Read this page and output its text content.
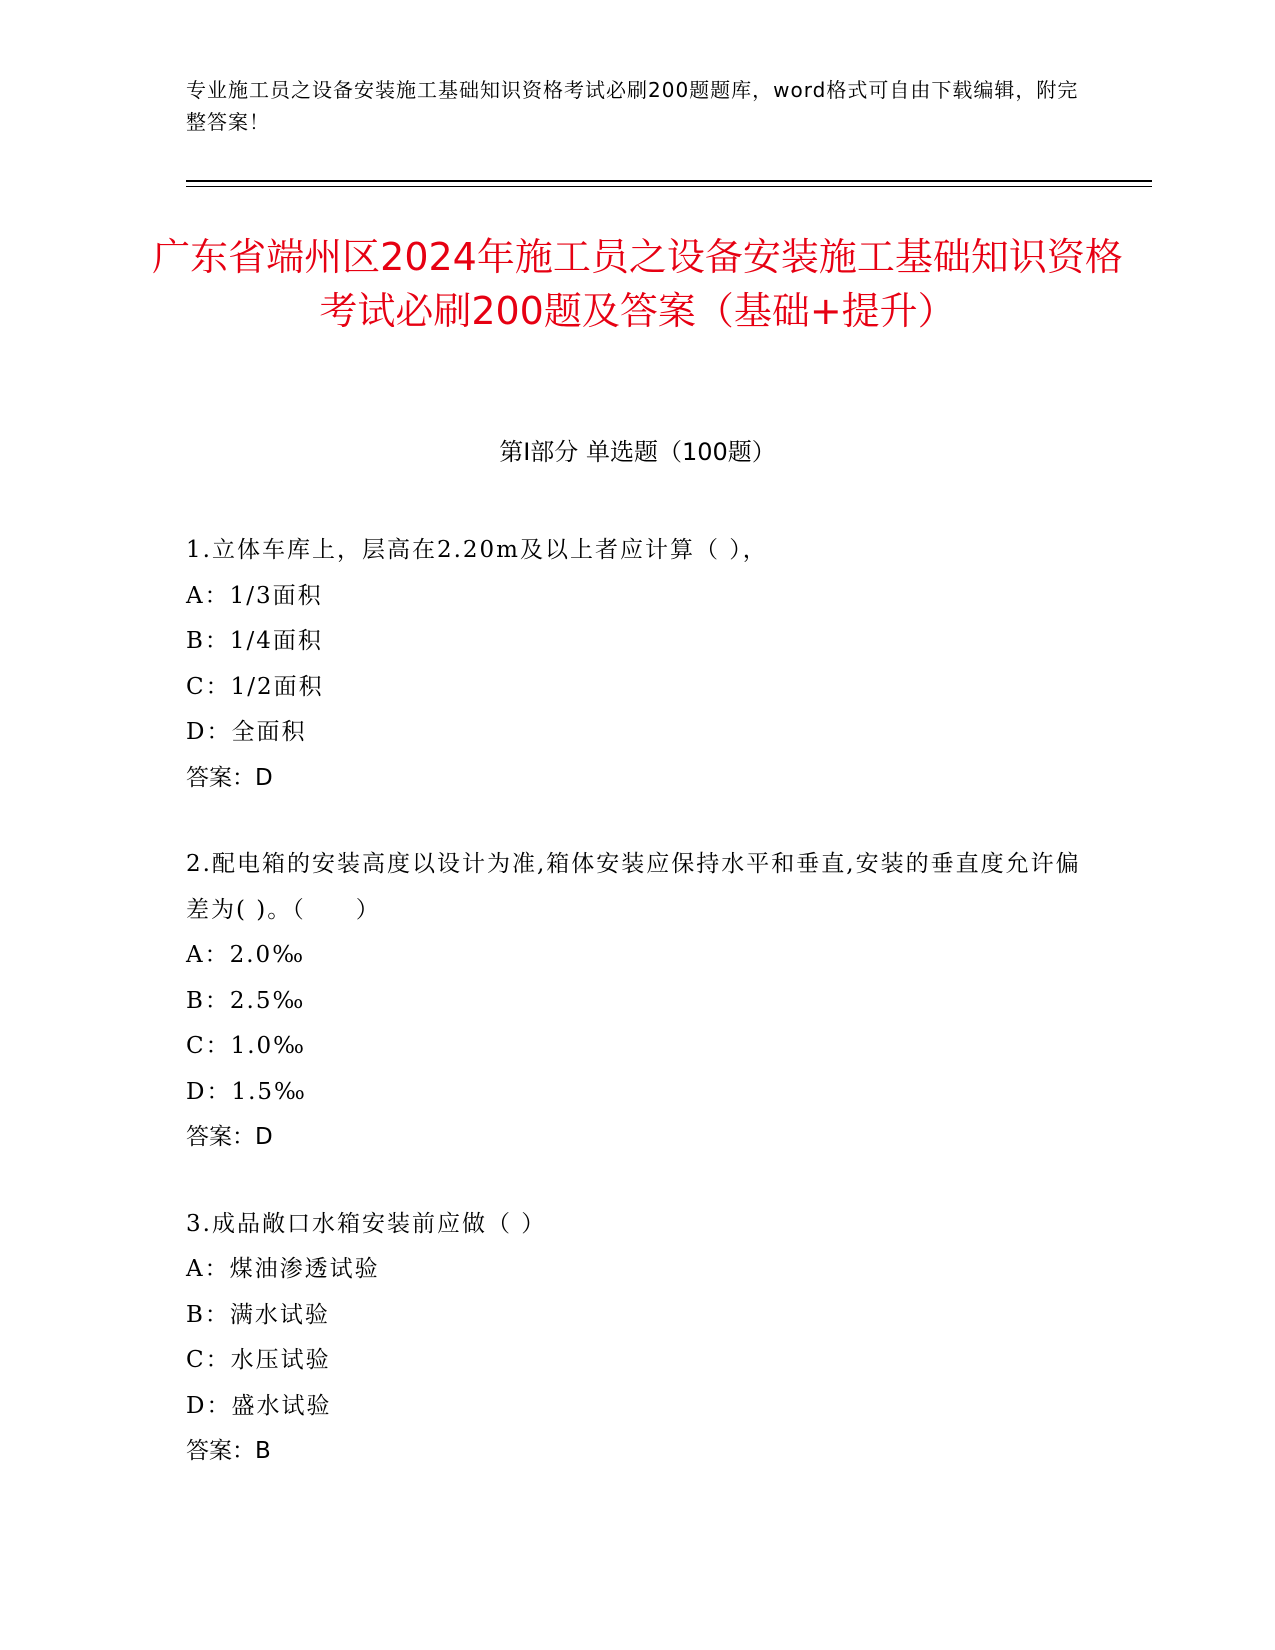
专业施工员之设备安装施工基础知识资格考试必刷200题题库，word格式可自由下载编辑，附完整答案！
广东省端州区2024年施工员之设备安装施工基础知识资格考试必刷200题及答案（基础+提升）
第Ⅰ部分 单选题（100题）
1.立体车库上，层高在2.20m及以上者应计算（ ），
A：1/3面积
B：1/4面积
C：1/2面积
D：全面积
答案：D
2.配电箱的安装高度以设计为准,箱体安装应保持水平和垂直,安装的垂直度允许偏差为( )。（　　）
A：2.0‰
B：2.5‰
C：1.0‰
D：1.5‰
答案：D
3.成品敞口水箱安装前应做（ ）
A：煤油渗透试验
B：满水试验
C：水压试验
D：盛水试验
答案：B
